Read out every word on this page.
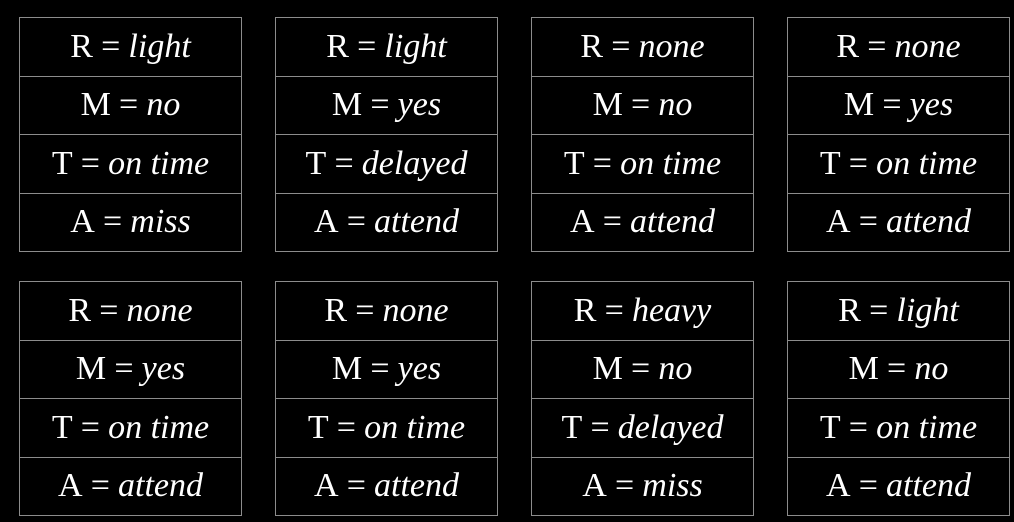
R = light
M = no
T = on time
A = miss
R = light
M = yes
T = delayed
A = attend
R = none
M = no
T = on time
A = attend
R = none
M = yes
T = on time
A = attend
R = none
M = yes
T = on time
A = attend
R = none
M = yes
T = on time
A = attend
R = heavy
M = no
T = delayed
A = miss
R = light
M = no
T = on time
A = attend
